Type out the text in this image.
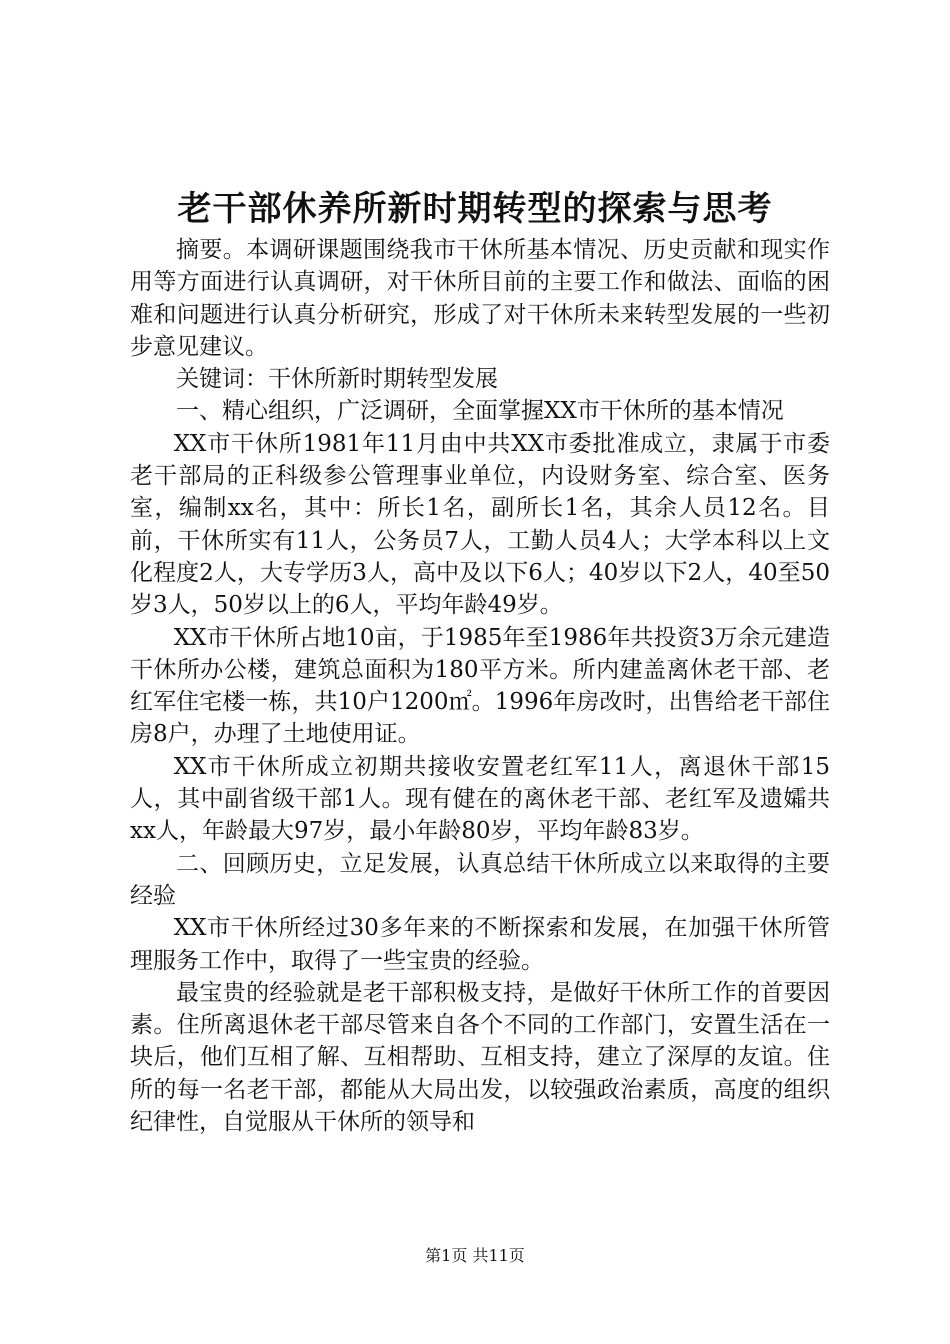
老干部休养所新时期转型的探索与思考

摘要。本调研课题围绕我市干休所基本情况、历史贡献和现实作用等方面进行认真调研，对干休所目前的主要工作和做法、面临的困难和问题进行认真分析研究，形成了对干休所未来转型发展的一些初步意见建议。

关键词：干休所新时期转型发展

一、精心组织，广泛调研，全面掌握XX市干休所的基本情况

XX市干休所1981年11月由中共XX市委批准成立，隶属于市委老干部局的正科级参公管理事业单位，内设财务室、综合室、医务室，编制xx名，其中：所长1名，副所长1名，其余人员12名。目前，干休所实有11人，公务员7人，工勤人员4人；大学本科以上文化程度2人，大专学历3人，高中及以下6人；40岁以下2人，40至50岁3人，50岁以上的6人，平均年龄49岁。

XX市干休所占地10亩，于1985年至1986年共投资3万余元建造干休所办公楼，建筑总面积为180平方米。所内建盖离休老干部、老红军住宅楼一栋，共10户1200㎡。1996年房改时，出售给老干部住房8户，办理了土地使用证。

XX市干休所成立初期共接收安置老红军11人，离退休干部15人，其中副省级干部1人。现有健在的离休老干部、老红军及遗孀共xx人，年龄最大97岁，最小年龄80岁，平均年龄83岁。

二、回顾历史，立足发展，认真总结干休所成立以来取得的主要经验

XX市干休所经过30多年来的不断探索和发展，在加强干休所管理服务工作中，取得了一些宝贵的经验。

最宝贵的经验就是老干部积极支持，是做好干休所工作的首要因素。住所离退休老干部尽管来自各个不同的工作部门，安置生活在一块后，他们互相了解、互相帮助、互相支持，建立了深厚的友谊。住所的每一名老干部，都能从大局出发，以较强政治素质，高度的组织纪律性，自觉服从干休所的领导和

第1页 共11页
